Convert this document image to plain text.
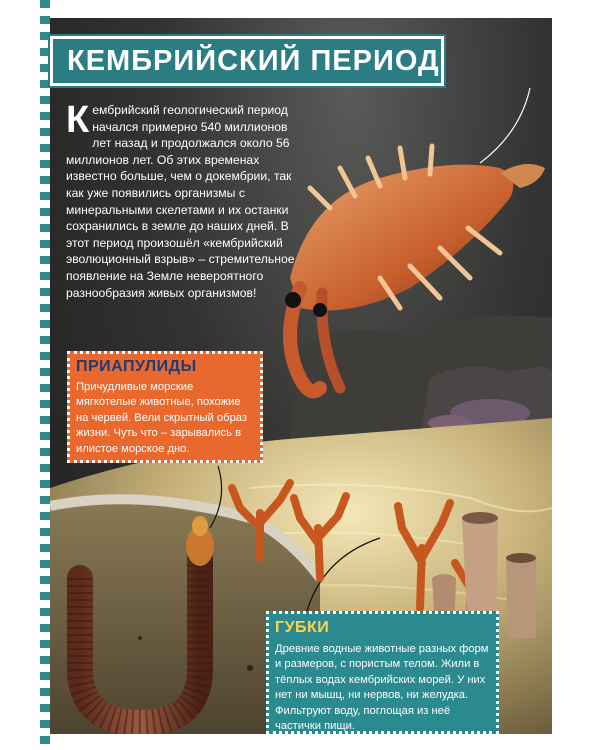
КЕМБРИЙСКИЙ ПЕРИОД
Кембрийский геологический период начался примерно 540 миллионов лет назад и продолжался около 56 миллионов лет. Об этих временах известно больше, чем о докембрии, так как уже появились организмы с минеральными скелетами и их останки сохранились в земле до наших дней. В этот период произошёл «кембрийский эволюционный взрыв» – стремительное появление на Земле невероятного разнообразия живых организмов!
ПРИАПУЛИДЫ
Причудливые морские мягкотелые животные, похожие на червей. Вели скрытный образ жизни. Чуть что – зарывались в илистое морское дно.
ГУБКИ
Древние водные животные разных форм и размеров, с пористым телом. Жили в тёплых водах кембрийских морей. У них нет ни мышц, ни нервов, ни желудка. Фильтруют воду, поглощая из неё частички пищи.
